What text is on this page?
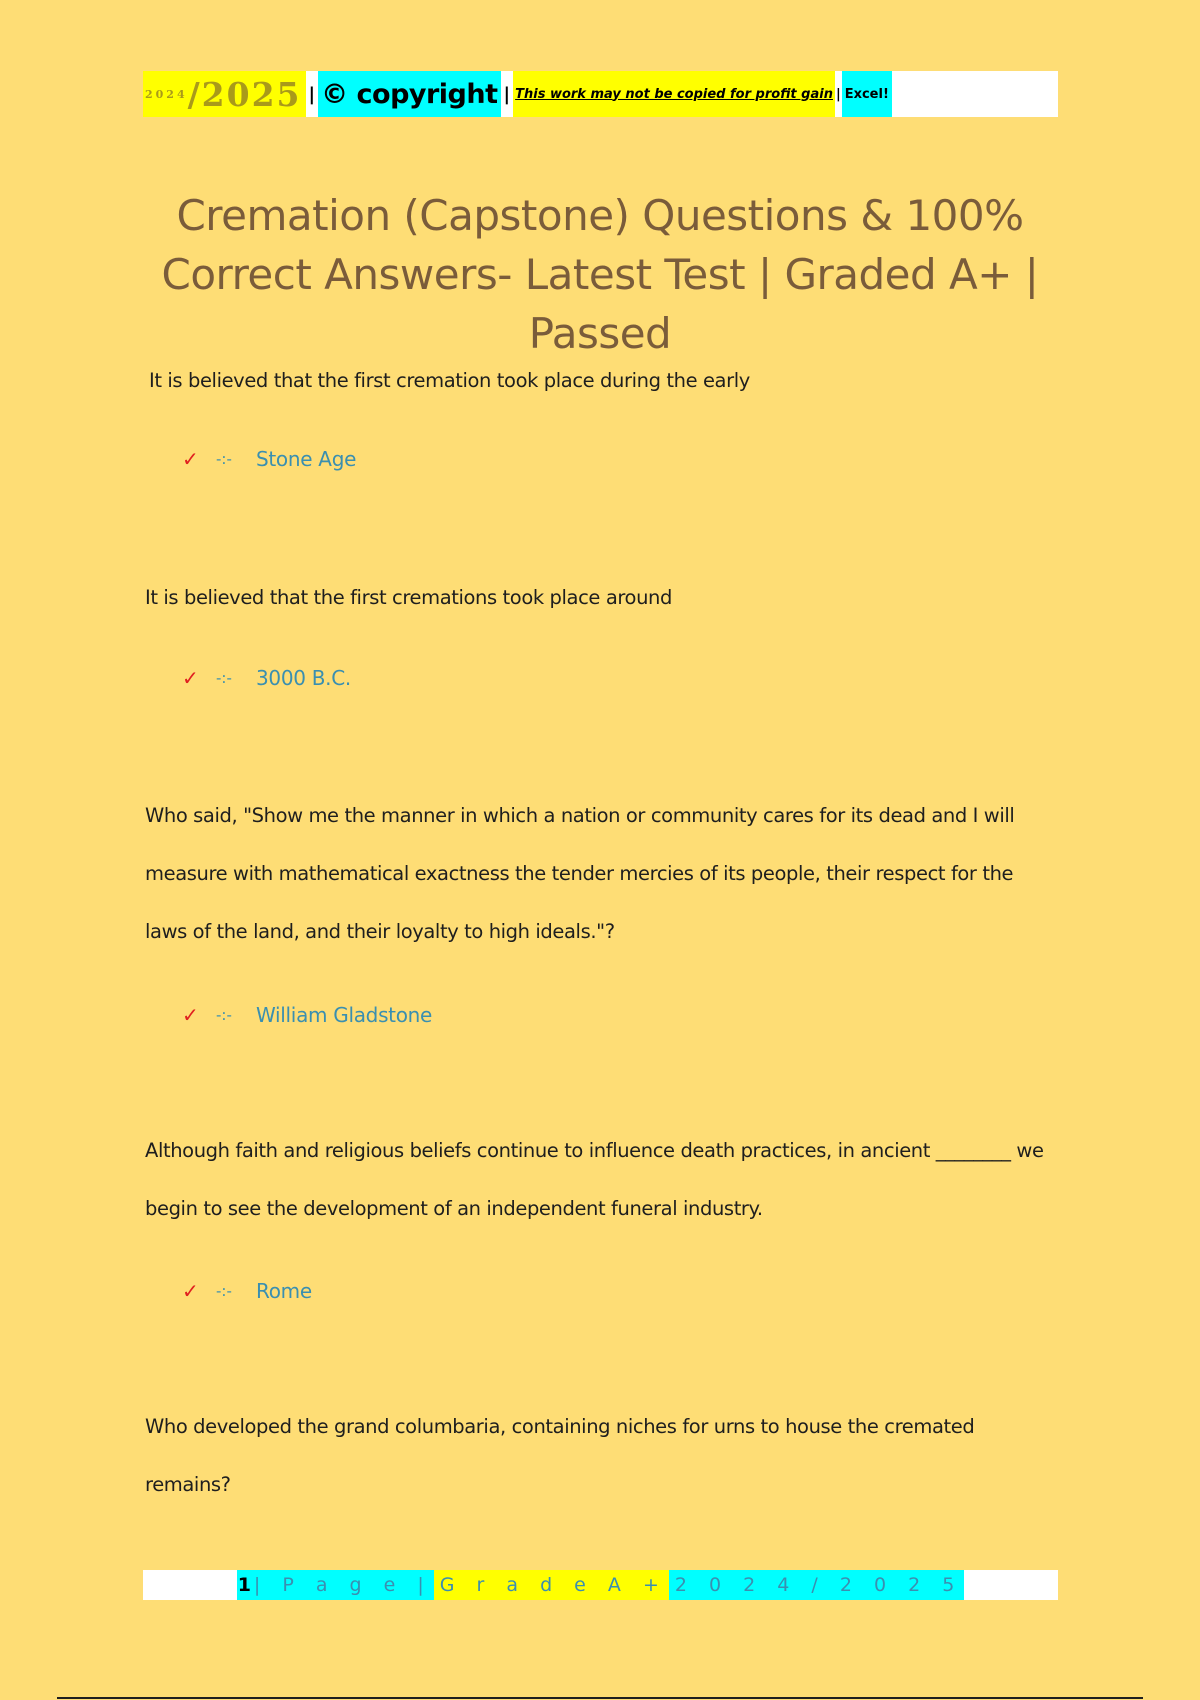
2024 /2025 | © copyright | This work may not be copied for profit gain | Excel!
Cremation (Capstone) Questions & 100% Correct Answers- Latest Test | Graded A+ | Passed

It is believed that the first cremation took place during the early

✓	-:-	Stone Age

It is believed that the first cremations took place around

✓	-:-	3000 B.C.

Who said, "Show me the manner in which a nation or community cares for its dead and I will measure with mathematical exactness the tender mercies of its people, their respect for the laws of the land, and their loyalty to high ideals."?

✓	-:-	William Gladstone

Although faith and religious beliefs continue to influence death practices, in ancient ________ we begin to see the development of an independent funeral industry.

✓	-:-	Rome

Who developed the grand columbaria, containing niches for urns to house the cremated remains?

1 | P a g e | G r a d e A + 2 0 2 4 / 2 0 2 5
